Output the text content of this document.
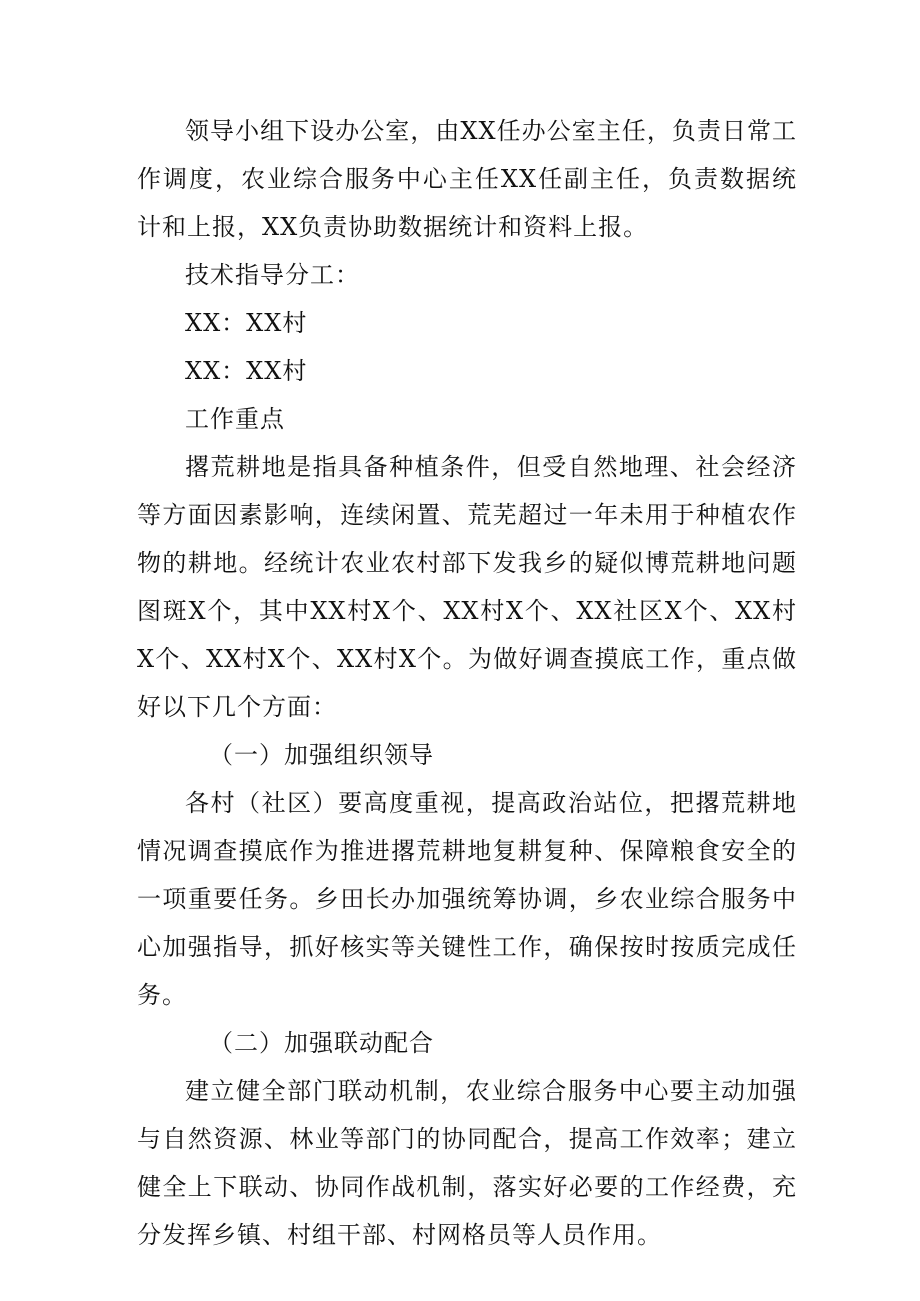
领导小组下设办公室，由XX任办公室主任，负责日常工作调度，农业综合服务中心主任XX任副主任，负责数据统计和上报，XX负责协助数据统计和资料上报。

技术指导分工：

XX：XX村

XX：XX村

工作重点

撂荒耕地是指具备种植条件，但受自然地理、社会经济等方面因素影响，连续闲置、荒芜超过一年未用于种植农作物的耕地。经统计农业农村部下发我乡的疑似博荒耕地问题图斑X个，其中XX村X个、XX村X个、XX社区X个、XX村X个、XX村X个、XX村X个。为做好调查摸底工作，重点做好以下几个方面：

（一）加强组织领导

各村（社区）要高度重视，提高政治站位，把撂荒耕地情况调查摸底作为推进撂荒耕地复耕复种、保障粮食安全的一项重要任务。乡田长办加强统筹协调，乡农业综合服务中心加强指导，抓好核实等关键性工作，确保按时按质完成任务。

（二）加强联动配合

建立健全部门联动机制，农业综合服务中心要主动加强与自然资源、林业等部门的协同配合，提高工作效率；建立健全上下联动、协同作战机制，落实好必要的工作经费，充分发挥乡镇、村组干部、村网格员等人员作用。
